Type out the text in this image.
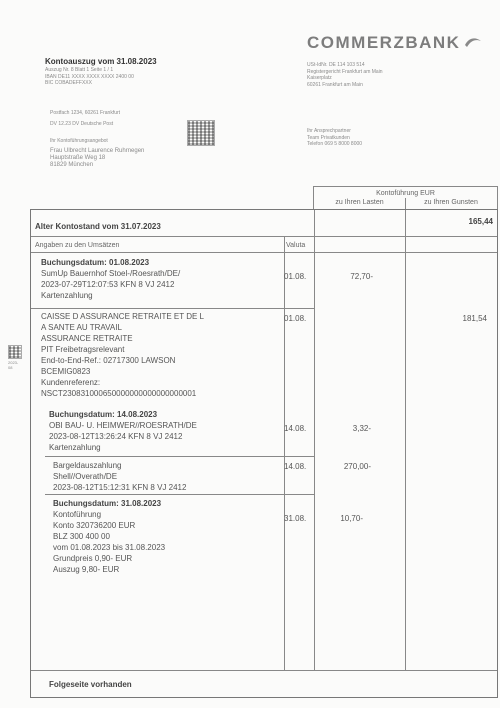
Kontoauszug vom 31.08.2023
Auszug Nr. 8 Blatt 1 Seite 1 / 1
IBAN DE11 XXXX XXXX XXXX 2400 00
BIC COBADEFFXXX
COMMERZBANK
USt-IdNr. DE 114 103 514
Registergericht Frankfurt am Main
Kaiserplatz
60261 Frankfurt am Main
Ihr Ansprechpartner
Team Privatkunden
Telefon 069 5 8000 8000
Postfach 1234, 60261 Frankfurt
DV 12.23 DV Deutsche Post
Ihr Kontoführungsangebot
Frau Ulbrecht Laurence Ruhrnegen
Hauptstraße Weg 18
81829 München
2023-08
Kontoführung EUR
zu Ihren Lasten	zu Ihren Gunsten
Alter Kontostand vom 31.07.2023
165,44
Angaben zu den Umsätzen	Valuta
Buchungsdatum: 01.08.2023
SumUp Bauernhof Stoel-/Roesrath/DE/
2023-07-29T12:07:53 KFN 8 VJ 2412
Kartenzahlung
01.08.	72,70-
CAISSE D ASSURANCE RETRAITE ET DE L
A SANTE AU TRAVAIL
ASSURANCE RETRAITE
PIT Freibetragsrelevant
End-to-End-Ref.: 02717300 LAWSON
BCEMIG0823
Kundenreferenz:
NSCT230831000650000000000000000001
01.08.	181,54
Buchungsdatum: 14.08.2023
OBI BAU- U. HEIMWER//ROESRATH/DE
2023-08-12T13:26:24 KFN 8 VJ 2412
Kartenzahlung
14.08.	3,32-
Bargeldauszahlung
Shell//Overath/DE
2023-08-12T15:12:31 KFN 8 VJ 2412
14.08.	270,00-
Buchungsdatum: 31.08.2023
Kontoführung
Konto 320736200 EUR
BLZ 300 400 00
vom 01.08.2023 bis 31.08.2023
Grundpreis 0,90- EUR
Auszug 9,80- EUR
31.08.	10,70-
Folgeseite vorhanden
